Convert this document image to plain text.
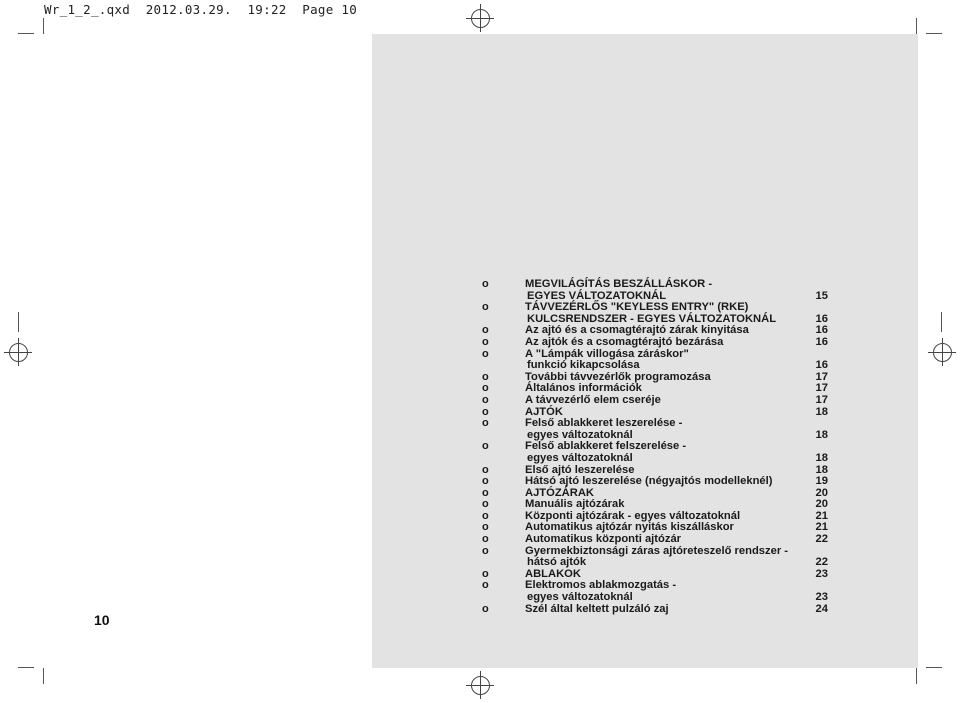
Wr_1_2_.qxd  2012.03.29.  19:22  Page 10
10
o	MEGVILÁGÍTÁS BESZÁLLÁSKOR -
EGYES VÁLTOZATOKNÁL	15
o	TÁVVEZÉRLŐS "KEYLESS ENTRY" (RKE)
KULCSRENDSZER - EGYES VÁLTOZATOKNÁL	16
o	Az ajtó és a csomagtérajtó zárak kinyitása	16
o	Az ajtók és a csomagtérajtó bezárása	16
o	A "Lámpák villogása záráskor"
funkció kikapcsolása	16
o	További távvezérlők programozása	17
o	Általános információk	17
o	A távvezérlő elem cseréje	17
o	AJTÓK	18
o	Felső ablakkeret leszerelése -
egyes változatoknál	18
o	Felső ablakkeret felszerelése -
egyes változatoknál	18
o	Első ajtó leszerelése	18
o	Hátsó ajtó leszerelése (négyajtós modelleknél)	19
o	AJTÓZÁRAK	20
o	Manuális ajtózárak	20
o	Központi ajtózárak - egyes változatoknál	21
o	Automatikus ajtózár nyitás kiszálláskor	21
o	Automatikus központi ajtózár	22
o	Gyermekbiztonsági záras ajtóreteszelő rendszer -
hátsó ajtók	22
o	ABLAKOK	23
o	Elektromos ablakmozgatás -
egyes változatoknál	23
o	Szél által keltett pulzáló zaj	24
